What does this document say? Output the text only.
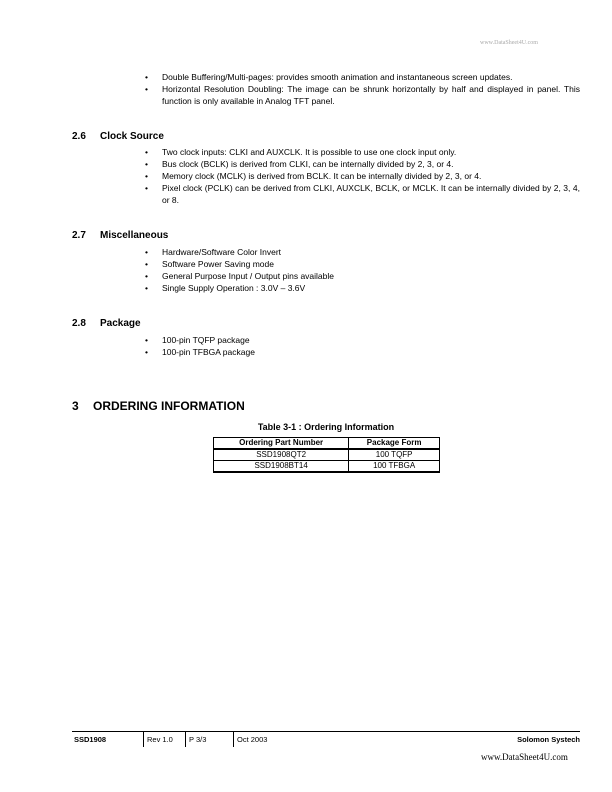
www.DataSheet4U.com
• Double Buffering/Multi-pages: provides smooth animation and instantaneous screen updates.
• Horizontal Resolution Doubling: The image can be shrunk horizontally by half and displayed in panel. This function is only available in Analog TFT panel.
2.6 Clock Source
• Two clock inputs: CLKI and AUXCLK. It is possible to use one clock input only.
• Bus clock (BCLK) is derived from CLKI, can be internally divided by 2, 3, or 4.
• Memory clock (MCLK) is derived from BCLK. It can be internally divided by 2, 3, or 4.
• Pixel clock (PCLK) can be derived from CLKI, AUXCLK, BCLK, or MCLK. It can be internally divided by 2, 3, 4, or 8.
2.7 Miscellaneous
• Hardware/Software Color Invert
• Software Power Saving mode
• General Purpose Input / Output pins available
• Single Supply Operation : 3.0V – 3.6V
2.8 Package
• 100-pin TQFP package
• 100-pin TFBGA package
3 ORDERING INFORMATION
Table 3-1 : Ordering Information
Ordering Part Number	Package Form
SSD1908QT2	100 TQFP
SSD1908BT14	100 TFBGA
SSD1908	Rev 1.0 P 3/3	Oct 2003	Solomon Systech
www.DataSheet4U.com
